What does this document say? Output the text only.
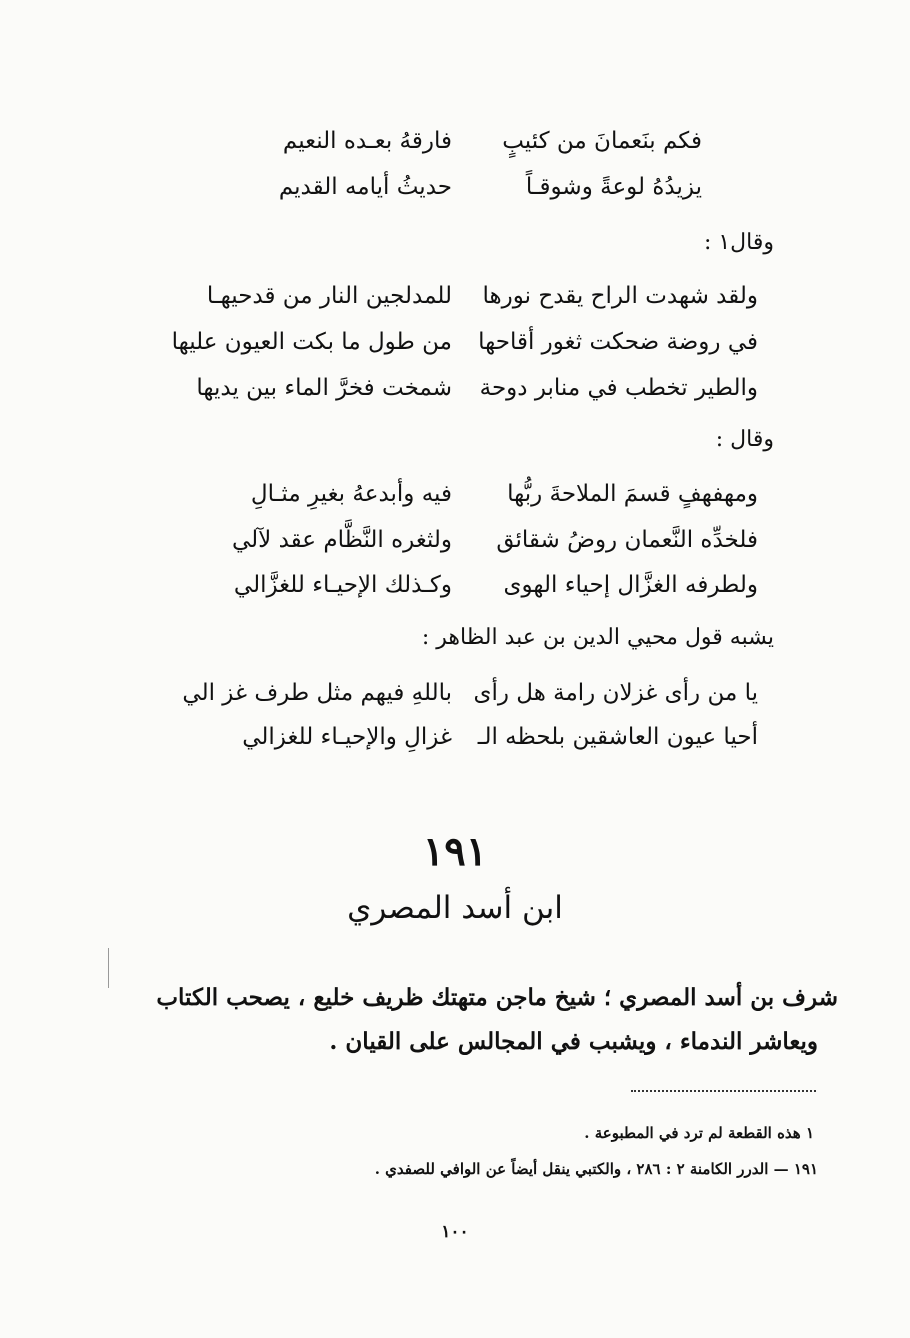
فكم بنَعمانَ من كئيبٍ
فارقهُ بعـده النعيم
يزيدُهُ لوعةً وشوقـاً
حديثُ أيامه القديم
وقال١ :
ولقد شهدت الراح يقدح نورها
للمدلجين النار من قدحيهـا
في روضة ضحكت ثغور أقاحها
من طول ما بكت العيون عليها
والطير تخطب في منابر دوحة
شمخت فخرَّ الماء بين يديها
وقال :
ومهفهفٍ قسمَ الملاحةَ ربُّها
فيه وأبدعهُ بغيرِ مثـالِ
فلخدِّه النَّعمان روضُ شقائق
ولثغره النَّظَّام عقد لآلي
ولطرفه الغزَّال إحياء الهوى
وكـذلك الإحيـاء للغزَّالي
يشبه قول محيي الدين بن عبد الظاهر :
يا من رأى غزلان رامة هل رأى
باللهِ فيهم مثل طرف غز الي
أحيا عيون العاشقين بلحظه الـ
غزالِ والإحيـاء للغزالي
١٩١
ابن أسد المصري
شرف بن أسد المصري ؛ شيخ ماجن متهتك ظريف خليع ، يصحب الكتاب
ويعاشر الندماء ، ويشبب في المجالس على القيان .
١ هذه القطعة لم ترد في المطبوعة .
١٩١ — الدرر الكامنة ٢ : ٢٨٦ ، والكتبي ينقل أيضاً عن الوافي للصفدي .
١٠٠
